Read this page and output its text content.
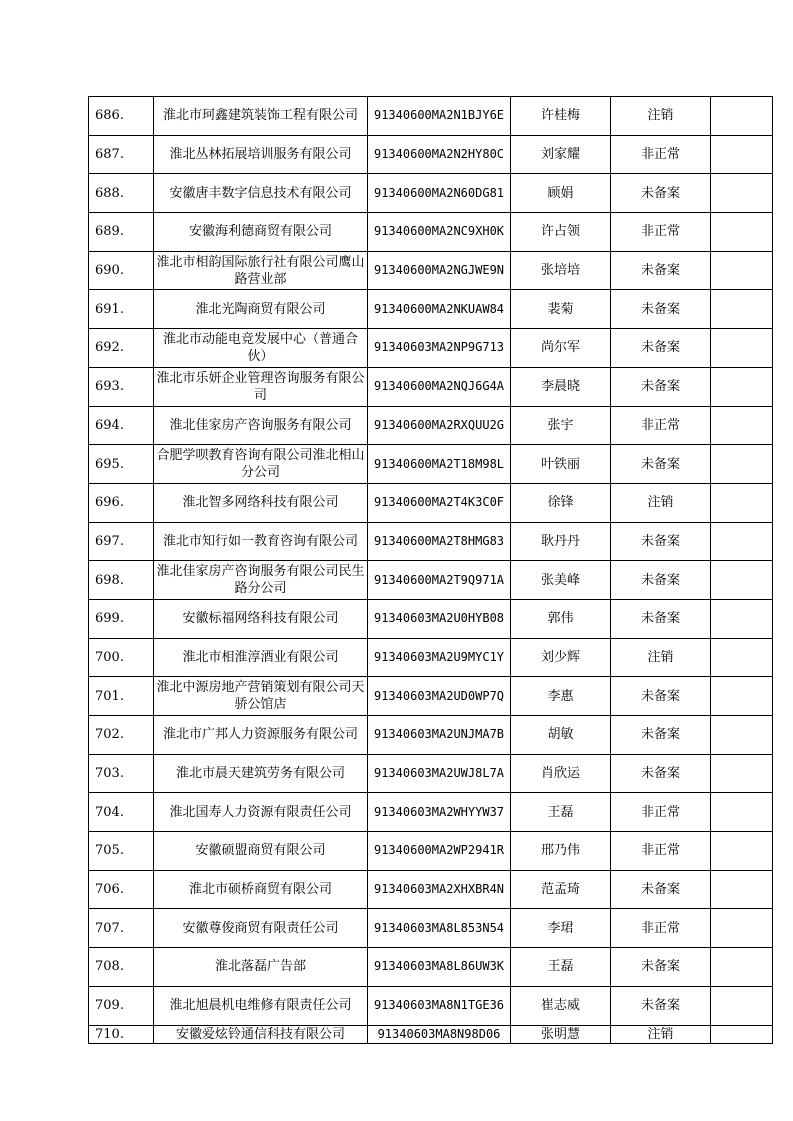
686.	淮北市珂鑫建筑装饰工程有限公司	91340600MA2N1BJY6E	许桂梅	注销	
687.	淮北丛林拓展培训服务有限公司	91340600MA2N2HY80C	刘家耀	非正常	
688.	安徽唐丰数字信息技术有限公司	91340600MA2N60DG81	顾娟	未备案	
689.	安徽海利德商贸有限公司	91340600MA2NC9XH0K	许占领	非正常	
690.	淮北市相韵国际旅行社有限公司鹰山路营业部	91340600MA2NGJWE9N	张培培	未备案	
691.	淮北光陶商贸有限公司	91340600MA2NKUAW84	裴菊	未备案	
692.	淮北市动能电竞发展中心（普通合伙）	91340603MA2NP9G713	尚尔军	未备案	
693.	淮北市乐妍企业管理咨询服务有限公司	91340600MA2NQJ6G4A	李晨晓	未备案	
694.	淮北佳家房产咨询服务有限公司	91340600MA2RXQUU2G	张宇	非正常	
695.	合肥学呗教育咨询有限公司淮北相山分公司	91340600MA2T18M98L	叶铁丽	未备案	
696.	淮北智多网络科技有限公司	91340600MA2T4K3C0F	徐锋	注销	
697.	淮北市知行如一教育咨询有限公司	91340600MA2T8HMG83	耿丹丹	未备案	
698.	淮北佳家房产咨询服务有限公司民生路分公司	91340600MA2T9Q971A	张美峰	未备案	
699.	安徽标福网络科技有限公司	91340603MA2U0HYB08	郭伟	未备案	
700.	淮北市相淮淳酒业有限公司	91340603MA2U9MYC1Y	刘少辉	注销	
701.	淮北中源房地产营销策划有限公司天骄公馆店	91340603MA2UD0WP7Q	李惠	未备案	
702.	淮北市广邦人力资源服务有限公司	91340603MA2UNJMA7B	胡敏	未备案	
703.	淮北市晨天建筑劳务有限公司	91340603MA2UWJ8L7A	肖欣运	未备案	
704.	淮北国寿人力资源有限责任公司	91340603MA2WHYYW37	王磊	非正常	
705.	安徽硕盟商贸有限公司	91340600MA2WP2941R	邢乃伟	非正常	
706.	淮北市硕桥商贸有限公司	91340603MA2XHXBR4N	范孟琦	未备案	
707.	安徽尊俊商贸有限责任公司	91340603MA8L853N54	李珺	非正常	
708.	淮北落磊广告部	91340603MA8L86UW3K	王磊	未备案	
709.	淮北旭晨机电维修有限责任公司	91340603MA8N1TGE36	崔志威	未备案	
710.	安徽爱炫铃通信科技有限公司	91340603MA8N98D06	张明慧	注销	
